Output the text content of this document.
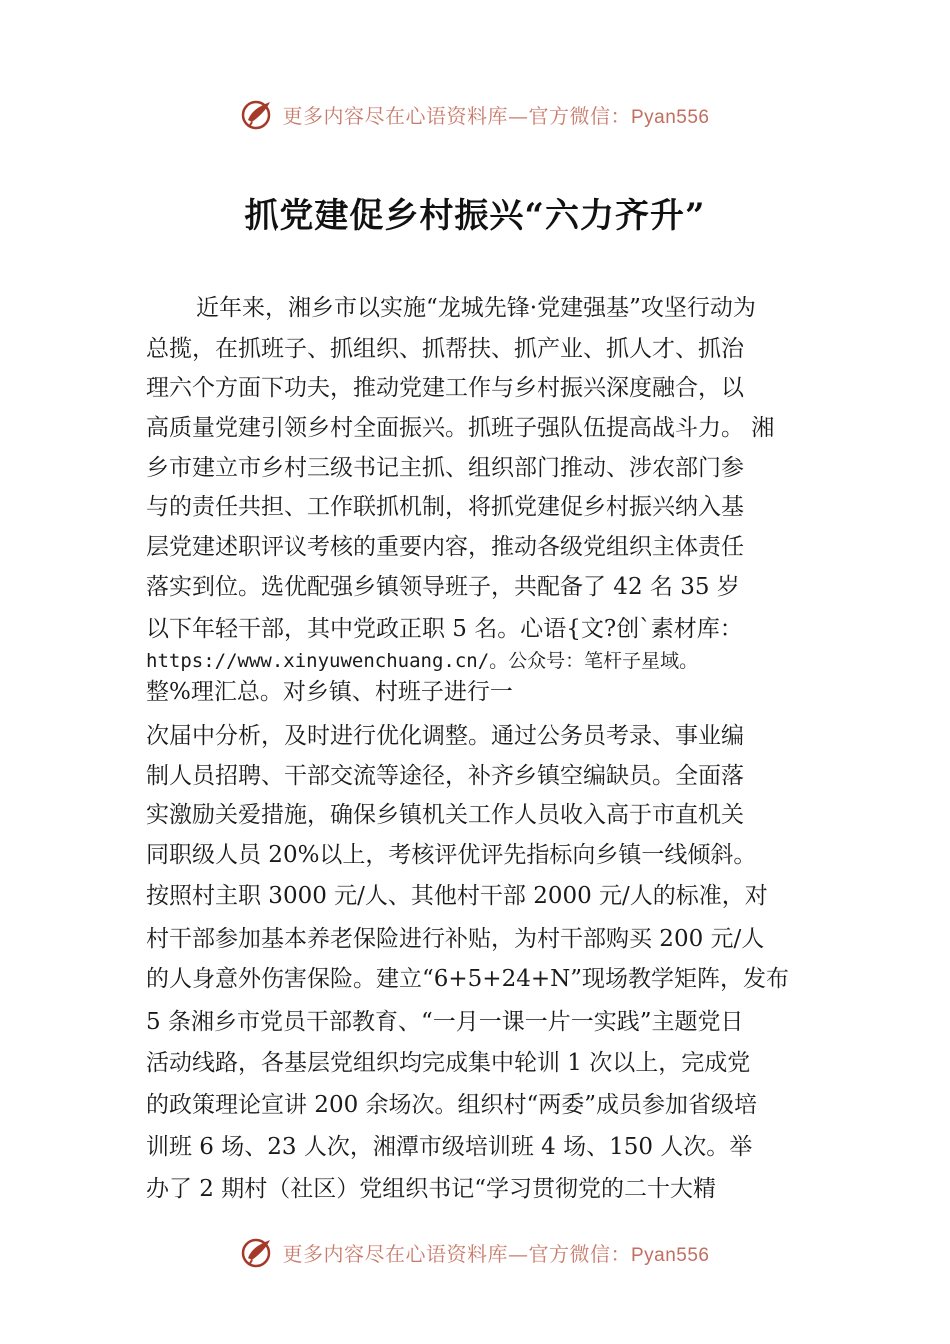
更多内容尽在心语资料库—官方微信：Pyan556
抓党建促乡村振兴“六力齐升”
近年来，湘乡市以实施“龙城先锋·党建强基”攻坚行动为
总揽，在抓班子、抓组织、抓帮扶、抓产业、抓人才、抓治
理六个方面下功夫，推动党建工作与乡村振兴深度融合，以
高质量党建引领乡村全面振兴。抓班子强队伍提高战斗力。 湘
乡市建立市乡村三级书记主抓、组织部门推动、涉农部门参
与的责任共担、工作联抓机制，将抓党建促乡村振兴纳入基
层党建述职评议考核的重要内容，推动各级党组织主体责任
落实到位。选优配强乡镇领导班子，共配备了 42 名 35 岁
以下年轻干部，其中党政正职 5 名。心语{文?创`素材库：
https://www.xinyuwenchuang.cn/。公众号：笔杆子星域。
整%理汇总。对乡镇、村班子进行一
次届中分析，及时进行优化调整。通过公务员考录、事业编
制人员招聘、干部交流等途径，补齐乡镇空编缺员。全面落
实激励关爱措施，确保乡镇机关工作人员收入高于市直机关
同职级人员 20%以上，考核评优评先指标向乡镇一线倾斜。
按照村主职 3000 元/人、其他村干部 2000 元/人的标准，对
村干部参加基本养老保险进行补贴，为村干部购买 200 元/人
的人身意外伤害保险。建立“6+5+24+N”现场教学矩阵，发布
5 条湘乡市党员干部教育、“一月一课一片一实践”主题党日
活动线路，各基层党组织均完成集中轮训 1 次以上，完成党
的政策理论宣讲 200 余场次。组织村“两委”成员参加省级培
训班 6 场、23 人次，湘潭市级培训班 4 场、150 人次。举
办了 2 期村（社区）党组织书记“学习贯彻党的二十大精
更多内容尽在心语资料库—官方微信：Pyan556
